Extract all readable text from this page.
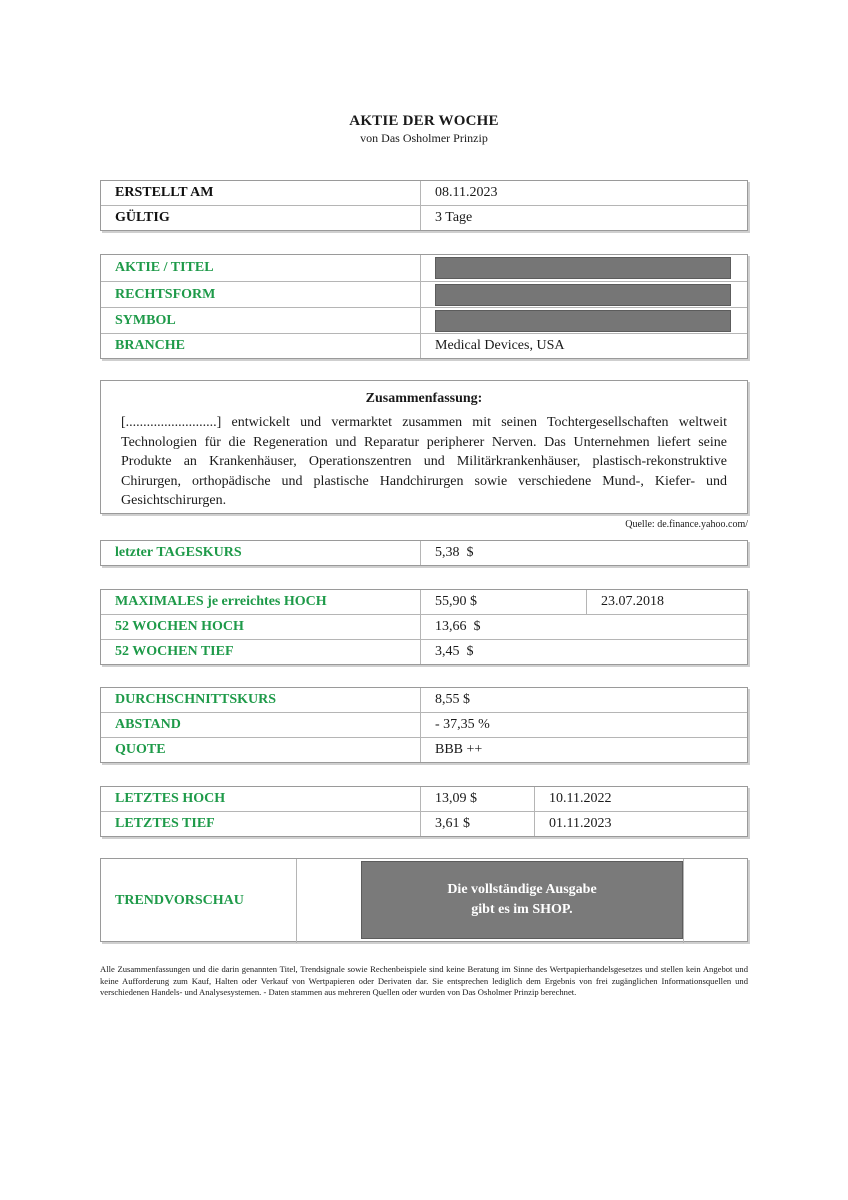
AKTIE DER WOCHE
von Das Osholmer Prinzip
ERSTELLT AM	08.11.2023
GÜLTIG	3 Tage
AKTIE / TITEL
RECHTSFORM
SYMBOL
BRANCHE	Medical Devices, USA
Zusammenfassung:
[..........................] entwickelt und vermarktet zusammen mit seinen Tochtergesellschaften weltweit Technologien für die Regeneration und Reparatur peripherer Nerven. Das Unternehmen liefert seine Produkte an Krankenhäuser, Operationszentren und Militärkrankenhäuser, plastisch-rekonstruktive Chirurgen, orthopädische und plastische Handchirurgen sowie verschiedene Mund-, Kiefer- und Gesichtschirurgen.
Quelle: de.finance.yahoo.com/
letzter TAGESKURS	5,38  $
MAXIMALES je erreichtes HOCH	55,90 $	23.07.2018
52 WOCHEN HOCH	13,66  $
52 WOCHEN TIEF	3,45  $
DURCHSCHNITTSKURS	8,55 $
ABSTAND	- 37,35 %
QUOTE	BBB ++
LETZTES HOCH	13,09 $	10.11.2022
LETZTES TIEF	3,61 $	01.11.2023
TRENDVORSCHAU
Die vollständige Ausgabe
gibt es im SHOP.
Alle Zusammenfassungen und die darin genannten Titel, Trendsignale sowie Rechenbeispiele sind keine Beratung im Sinne des Wertpapierhandelsgesetzes und stellen kein Angebot und keine Aufforderung zum Kauf, Halten oder Verkauf von Wertpapieren oder Derivaten dar. Sie entsprechen lediglich dem Ergebnis von frei zugänglichen Informationsquellen und verschiedenen Handels- und Analysesystemen. - Daten stammen aus mehreren Quellen oder wurden von Das Osholmer Prinzip berechnet.
